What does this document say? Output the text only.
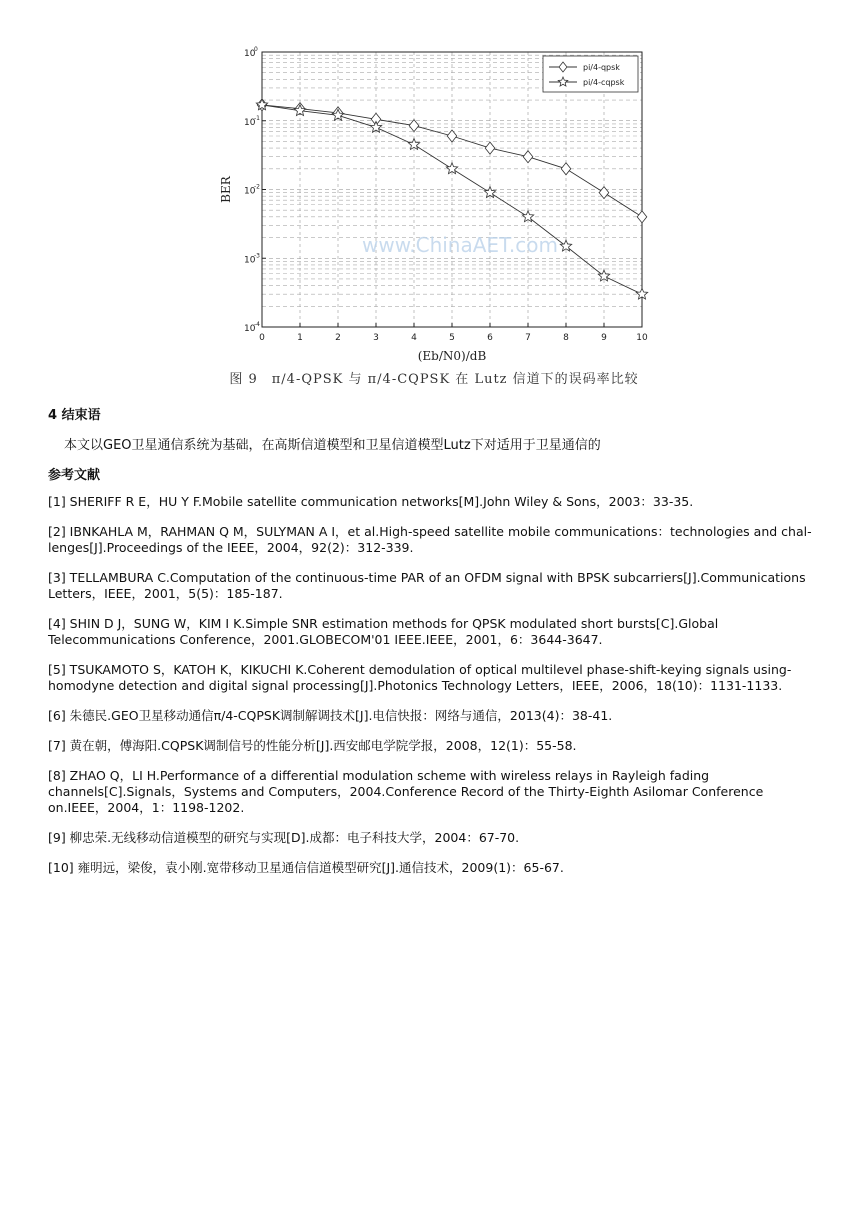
0	1	2	3	4	5	6	7	8	9	10
10
0
10
-1
10
-2
10
-3
10
-4
(Eb/N0)/dB
BER
www.ChinaAET.com
pi/4-qpsk
pi/4-cqpsk
图 9　π/4-QPSK 与 π/4-CQPSK 在 Lutz 信道下的误码率比较
4 结束语
本文以GEO卫星通信系统为基础，在高斯信道模型和卫星信道模型Lutz下对适用于卫星通信的
参考文献
[1] SHERIFF R E，HU Y F.Mobile satellite communication networks[M].John Wiley & Sons，2003：33-35.
[2] IBNKAHLA M，RAHMAN Q M，SULYMAN A I，et al.High-speed satellite mobile communications：technologies and chal-lenges[J].Proceedings of the IEEE，2004，92(2)：312-339.
[3] TELLAMBURA C.Computation of the continuous-time PAR of an OFDM signal with BPSK subcarriers[J].Communications Letters，IEEE，2001，5(5)：185-187.
[4] SHIN D J，SUNG W，KIM I K.Simple SNR estimation methods for QPSK modulated short bursts[C].Global Telecommunications Conference，2001.GLOBECOM'01 IEEE.IEEE，2001，6：3644-3647.
[5] TSUKAMOTO S，KATOH K，KIKUCHI K.Coherent demodulation of optical multilevel phase-shift-keying signals using-homodyne detection and digital signal processing[J].Photonics Technology Letters，IEEE，2006，18(10)：1131-1133.
[6] 朱德民.GEO卫星移动通信π/4-CQPSK调制解调技术[J].电信快报：网络与通信，2013(4)：38-41.
[7] 黄在朝，傅海阳.CQPSK调制信号的性能分析[J].西安邮电学院学报，2008，12(1)：55-58.
[8] ZHAO Q，LI H.Performance of a differential modulation scheme with wireless relays in Rayleigh fading channels[C].Signals，Systems and Computers，2004.Conference Record of the Thirty-Eighth Asilomar Conference on.IEEE，2004，1：1198-1202.
[9] 柳忠荣.无线移动信道模型的研究与实现[D].成都：电子科技大学，2004：67-70.
[10] 雍明远，梁俊，袁小刚.宽带移动卫星通信信道模型研究[J].通信技术，2009(1)：65-67.
